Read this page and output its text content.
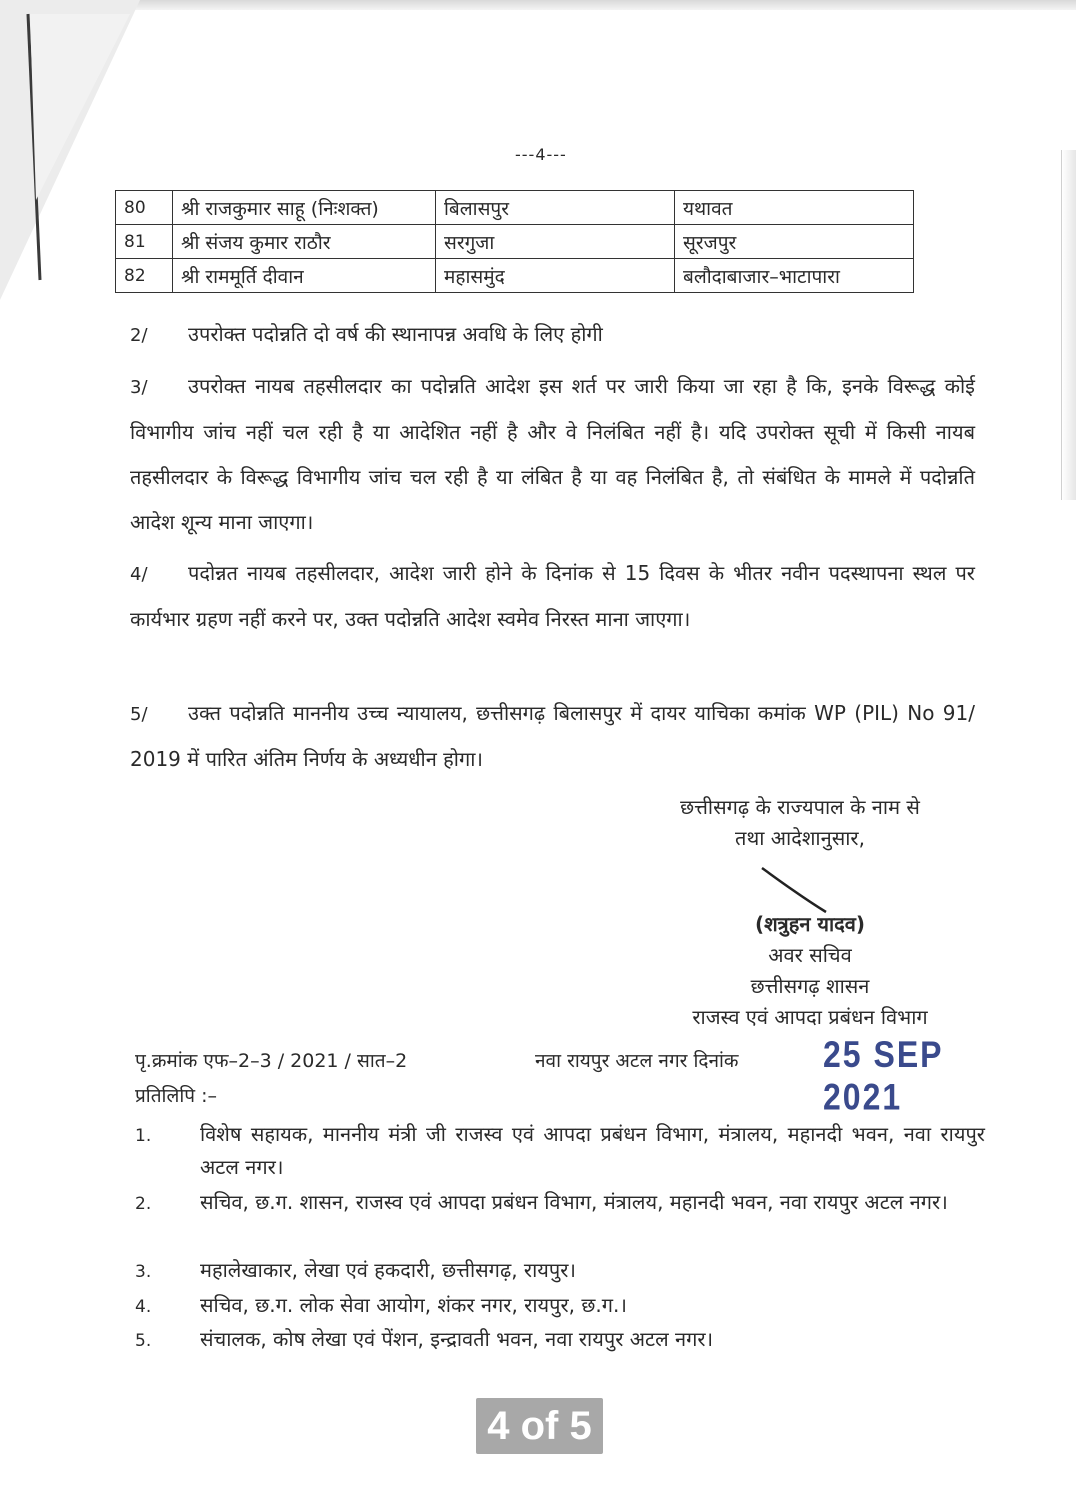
---4---
80	श्री राजकुमार साहू (निःशक्त)	बिलासपुर	यथावत
81	श्री संजय कुमार राठौर	सरगुजा	सूरजपुर
82	श्री राममूर्ति दीवान	महासमुंद	बलौदाबाजार–भाटापारा
2/ उपरोक्त पदोन्नति दो वर्ष की स्थानापन्न अवधि के लिए होगी
3/ उपरोक्त नायब तहसीलदार का पदोन्नति आदेश इस शर्त पर जारी किया जा रहा है कि, इनके विरूद्ध कोई विभागीय जांच नहीं चल रही है या आदेशित नहीं है और वे निलंबित नहीं है। यदि उपरोक्त सूची में किसी नायब तहसीलदार के विरूद्ध विभागीय जांच चल रही है या लंबित है या वह निलंबित है, तो संबंधित के मामले में पदोन्नति आदेश शून्य माना जाएगा।
4/ पदोन्नत नायब तहसीलदार, आदेश जारी होने के दिनांक से 15 दिवस के भीतर नवीन पदस्थापना स्थल पर कार्यभार ग्रहण नहीं करने पर, उक्त पदोन्नति आदेश स्वमेव निरस्त माना जाएगा।
5/ उक्त पदोन्नति माननीय उच्च न्यायालय, छत्तीसगढ़ बिलासपुर में दायर याचिका कमांक WP (PIL) No 91/ 2019 में पारित अंतिम निर्णय के अध्यधीन होगा।
छत्तीसगढ़ के राज्यपाल के नाम से
तथा आदेशानुसार,
(शत्रुहन यादव)
अवर सचिव
छत्तीसगढ़ शासन
राजस्व एवं आपदा प्रबंधन विभाग
पृ.क्रमांक एफ–2–3 / 2021 / सात–2	नवा रायपुर अटल नगर दिनांक	25 SEP 2021
प्रतिलिपि :–
1. विशेष सहायक, माननीय मंत्री जी राजस्व एवं आपदा प्रबंधन विभाग, मंत्रालय, महानदी भवन, नवा रायपुर अटल नगर।
2. सचिव, छ.ग. शासन, राजस्व एवं आपदा प्रबंधन विभाग, मंत्रालय, महानदी भवन, नवा रायपुर अटल नगर।
3. महालेखाकार, लेखा एवं हकदारी, छत्तीसगढ़, रायपुर।
4. सचिव, छ.ग. लोक सेवा आयोग, शंकर नगर, रायपुर, छ.ग.।
5. संचालक, कोष लेखा एवं पेंशन, इन्द्रावती भवन, नवा रायपुर अटल नगर।
4 of 5
